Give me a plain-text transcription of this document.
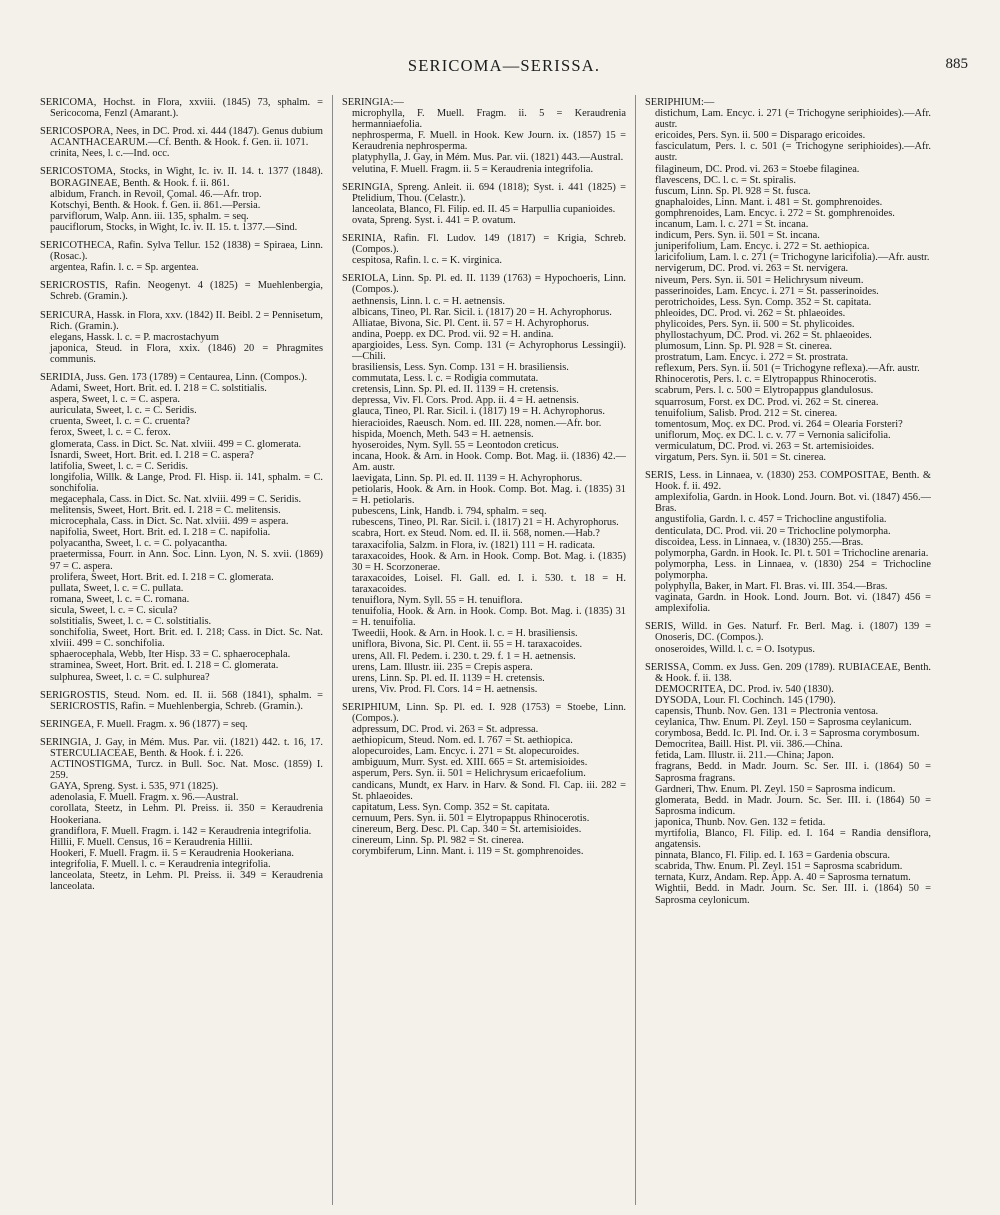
SERICOMA—SERISSA.	885
SERICOMA, Hochst. in Flora, xxviii. (1845) 73, sphalm. = Sericocoma, Fenzl (Amarant.).
SERICOSPORA, Nees, in DC. Prod. xi. 444 (1847). Genus dubium ACANTHACEARUM.—Cf. Benth. & Hook. f. Gen. ii. 1071.
crinita, Nees, l. c.—Ind. occ.
SERICOSTOMA, Stocks, in Wight, Ic. iv. II. 14. t. 1377 (1848). BORAGINEAE, Benth. & Hook. f. ii. 861.
albidum, Franch. in Revoil, Çomal. 46.—Afr. trop.
Kotschyi, Benth. & Hook. f. Gen. ii. 861.—Persia.
parviflorum, Walp. Ann. iii. 135, sphalm. = seq.
pauciflorum, Stocks, in Wight, Ic. iv. II. 15. t. 1377.—Sind.
SERICOTHECA, Rafin. Sylva Tellur. 152 (1838) = Spiraea, Linn. (Rosac.).
argentea, Rafin. l. c. = Sp. argentea.
SERICROSTIS, Rafin. Neogenyt. 4 (1825) = Muehlenbergia, Schreb. (Gramin.).
SERICURA, Hassk. in Flora, xxv. (1842) II. Beibl. 2 = Pennisetum, Rich. (Gramin.).
elegans, Hassk. l. c. = P. macrostachyum
japonica, Steud. in Flora, xxix. (1846) 20 = Phragmites communis.
SERIDIA, Juss. Gen. 173 (1789) = Centaurea, Linn. (Compos.).
Adami, Sweet, Hort. Brit. ed. I. 218 = C. solstitialis.
aspera, Sweet, l. c. = C. aspera.
auriculata, Sweet, l. c. = C. Seridis.
cruenta, Sweet, l. c. = C. cruenta?
ferox, Sweet, l. c. = C. ferox.
glomerata, Cass. in Dict. Sc. Nat. xlviii. 499 = C. glomerata.
Isnardi, Sweet, Hort. Brit. ed. I. 218 = C. aspera?
latifolia, Sweet, l. c. = C. Seridis.
longifolia, Willk. & Lange, Prod. Fl. Hisp. ii. 141, sphalm. = C. sonchifolia.
megacephala, Cass. in Dict. Sc. Nat. xlviii. 499 = C. Seridis.
melitensis, Sweet, Hort. Brit. ed. I. 218 = C. melitensis.
microcephala, Cass. in Dict. Sc. Nat. xlviii. 499 = aspera.
napifolia, Sweet, Hort. Brit. ed. I. 218 = C. napifolia.
polyacantha, Sweet, l. c. = C. polyacantha.
praetermissa, Fourr. in Ann. Soc. Linn. Lyon, N. S. xvii. (1869) 97 = C. aspera.
prolifera, Sweet, Hort. Brit. ed. I. 218 = C. glomerata.
pullata, Sweet, l. c. = C. pullata.
romana, Sweet, l. c. = C. romana.
sicula, Sweet, l. c. = C. sicula?
solstitialis, Sweet, l. c. = C. solstitialis.
sonchifolia, Sweet, Hort. Brit. ed. I. 218; Cass. in Dict. Sc. Nat. xlviii. 499 = C. sonchifolia.
sphaerocephala, Webb, Iter Hisp. 33 = C. sphaerocephala.
straminea, Sweet, Hort. Brit. ed. I. 218 = C. glomerata.
sulphurea, Sweet, l. c. = C. sulphurea?
SERIGROSTIS, Steud. Nom. ed. II. ii. 568 (1841), sphalm. = SERICROSTIS, Rafin. = Muehlenbergia, Schreb. (Gramin.).
SERINGEA, F. Muell. Fragm. x. 96 (1877) = seq.
SERINGIA, J. Gay, in Mém. Mus. Par. vii. (1821) 442. t. 16, 17. STERCULIACEAE, Benth. & Hook. f. i. 226.
ACTINOSTIGMA, Turcz. in Bull. Soc. Nat. Mosc. (1859) I. 259.
GAYA, Spreng. Syst. i. 535, 971 (1825).
adenolasia, F. Muell. Fragm. x. 96.—Austral.
corollata, Steetz, in Lehm. Pl. Preiss. ii. 350 = Keraudrenia Hookeriana.
grandiflora, F. Muell. Fragm. i. 142 = Keraudrenia integrifolia.
Hillii, F. Muell. Census, 16 = Keraudrenia Hillii.
Hookeri, F. Muell. Fragm. ii. 5 = Keraudrenia Hookeriana.
integrifolia, F. Muell. l. c. = Keraudrenia integrifolia.
lanceolata, Steetz, in Lehm. Pl. Preiss. ii. 349 = Keraudrenia lanceolata.
SERINGIA:—
microphylla, F. Muell. Fragm. ii. 5 = Keraudrenia hermanniaefolia.
nephrosperma, F. Muell. in Hook. Kew Journ. ix. (1857) 15 = Keraudrenia nephrosperma.
platyphylla, J. Gay, in Mém. Mus. Par. vii. (1821) 443.—Austral.
velutina, F. Muell. Fragm. ii. 5 = Keraudrenia integrifolia.
SERINGIA, Spreng. Anleit. ii. 694 (1818); Syst. i. 441 (1825) = Ptelidium, Thou. (Celastr.).
lanceolata, Blanco, Fl. Filip. ed. II. 45 = Harpullia cupanioides.
ovata, Spreng. Syst. i. 441 = P. ovatum.
SERINIA, Rafin. Fl. Ludov. 149 (1817) = Krigia, Schreb. (Compos.).
cespitosa, Rafin. l. c. = K. virginica.
SERIOLA, Linn. Sp. Pl. ed. II. 1139 (1763) = Hypochoeris, Linn. (Compos.).
aethnensis, Linn. l. c. = H. aetnensis.
albicans, Tineo, Pl. Rar. Sicil. i. (1817) 20 = H. Achyrophorus.
Alliatae, Bivona, Sic. Pl. Cent. ii. 57 = H. Achyrophorus.
andina, Poepp. ex DC. Prod. vii. 92 = H. andina.
apargioides, Less. Syn. Comp. 131 (= Achyrophorus Lessingii).—Chili.
brasiliensis, Less. Syn. Comp. 131 = H. brasiliensis.
commutata, Less. l. c. = Rodigia commutata.
cretensis, Linn. Sp. Pl. ed. II. 1139 = H. cretensis.
depressa, Viv. Fl. Cors. Prod. App. ii. 4 = H. aetnensis.
glauca, Tineo, Pl. Rar. Sicil. i. (1817) 19 = H. Achyrophorus.
hieracioides, Raeusch. Nom. ed. III. 228, nomen.—Afr. bor.
hispida, Moench, Meth. 543 = H. aetnensis.
hyoseroides, Nym. Syll. 55 = Leontodon creticus.
incana, Hook. & Arn. in Hook. Comp. Bot. Mag. ii. (1836) 42.—Am. austr.
laevigata, Linn. Sp. Pl. ed. II. 1139 = H. Achyrophorus.
petiolaris, Hook. & Arn. in Hook. Comp. Bot. Mag. i. (1835) 31 = H. petiolaris.
pubescens, Link, Handb. i. 794, sphalm. = seq.
rubescens, Tineo, Pl. Rar. Sicil. i. (1817) 21 = H. Achyrophorus.
scabra, Hort. ex Steud. Nom. ed. II. ii. 568, nomen.—Hab.?
taraxacifolia, Salzm. in Flora, iv. (1821) 111 = H. radicata.
taraxacoides, Hook. & Arn. in Hook. Comp. Bot. Mag. i. (1835) 30 = H. Scorzonerae.
taraxacoides, Loisel. Fl. Gall. ed. I. i. 530. t. 18 = H. taraxacoides.
tenuiflora, Nym. Syll. 55 = H. tenuiflora.
tenuifolia, Hook. & Arn. in Hook. Comp. Bot. Mag. i. (1835) 31 = H. tenuifolia.
Tweedii, Hook. & Arn. in Hook. l. c. = H. brasiliensis.
uniflora, Bivona, Sic. Pl. Cent. ii. 55 = H. taraxacoides.
urens, All. Fl. Pedem. i. 230. t. 29. f. 1 = H. aetnensis.
urens, Lam. Illustr. iii. 235 = Crepis aspera.
urens, Linn. Sp. Pl. ed. II. 1139 = H. cretensis.
urens, Viv. Prod. Fl. Cors. 14 = H. aetnensis.
SERIPHIUM, Linn. Sp. Pl. ed. I. 928 (1753) = Stoebe, Linn. (Compos.).
adpressum, DC. Prod. vi. 263 = St. adpressa.
aethiopicum, Steud. Nom. ed. I. 767 = St. aethiopica.
alopecuroides, Lam. Encyc. i. 271 = St. alopecuroides.
ambiguum, Murr. Syst. ed. XIII. 665 = St. artemisioides.
asperum, Pers. Syn. ii. 501 = Helichrysum ericaefolium.
candicans, Mundt, ex Harv. in Harv. & Sond. Fl. Cap. iii. 282 = St. phlaeoides.
capitatum, Less. Syn. Comp. 352 = St. capitata.
cernuum, Pers. Syn. ii. 501 = Elytropappus Rhinocerotis.
cinereum, Berg. Desc. Pl. Cap. 340 = St. artemisioides.
cinereum, Linn. Sp. Pl. 982 = St. cinerea.
corymbiferum, Linn. Mant. i. 119 = St. gomphrenoides.
SERIPHIUM:—
distichum, Lam. Encyc. i. 271 (= Trichogyne seriphioides).—Afr. austr.
ericoides, Pers. Syn. ii. 500 = Disparago ericoides.
fasciculatum, Pers. l. c. 501 (= Trichogyne seriphioides).—Afr. austr.
filagineum, DC. Prod. vi. 263 = Stoebe filaginea.
flavescens, DC. l. c. = St. spiralis.
fuscum, Linn. Sp. Pl. 928 = St. fusca.
gnaphaloides, Linn. Mant. i. 481 = St. gomphrenoides.
gomphrenoides, Lam. Encyc. i. 272 = St. gomphrenoides.
incanum, Lam. l. c. 271 = St. incana.
indicum, Pers. Syn. ii. 501 = St. incana.
juniperifolium, Lam. Encyc. i. 272 = St. aethiopica.
laricifolium, Lam. l. c. 271 (= Trichogyne laricifolia).—Afr. austr.
nervigerum, DC. Prod. vi. 263 = St. nervigera.
niveum, Pers. Syn. ii. 501 = Helichrysum niveum.
passerinoides, Lam. Encyc. i. 271 = St. passerinoides.
perotrichoides, Less. Syn. Comp. 352 = St. capitata.
phleoides, DC. Prod. vi. 262 = St. phlaeoides.
phylicoides, Pers. Syn. ii. 500 = St. phylicoides.
phyllostachyum, DC. Prod. vi. 262 = St. phlaeoides.
plumosum, Linn. Sp. Pl. 928 = St. cinerea.
prostratum, Lam. Encyc. i. 272 = St. prostrata.
reflexum, Pers. Syn. ii. 501 (= Trichogyne reflexa).—Afr. austr.
Rhinocerotis, Pers. l. c. = Elytropappus Rhinocerotis.
scabrum, Pers. l. c. 500 = Elytropappus glandulosus.
squarrosum, Forst. ex DC. Prod. vi. 262 = St. cinerea.
tenuifolium, Salisb. Prod. 212 = St. cinerea.
tomentosum, Moç. ex DC. Prod. vi. 264 = Olearia Forsteri?
uniflorum, Moç. ex DC. l. c. v. 77 = Vernonia salicifolia.
vermiculatum, DC. Prod. vi. 263 = St. artemisioides.
virgatum, Pers. Syn. ii. 501 = St. cinerea.
SERIS, Less. in Linnaea, v. (1830) 253. COMPOSITAE, Benth. & Hook. f. ii. 492.
amplexifolia, Gardn. in Hook. Lond. Journ. Bot. vi. (1847) 456.—Bras.
angustifolia, Gardn. l. c. 457 = Trichocline angustifolia.
denticulata, DC. Prod. vii. 20 = Trichocline polymorpha.
discoidea, Less. in Linnaea, v. (1830) 255.—Bras.
polymorpha, Gardn. in Hook. Ic. Pl. t. 501 = Trichocline arenaria.
polymorpha, Less. in Linnaea, v. (1830) 254 = Trichocline polymorpha.
polyphylla, Baker, in Mart. Fl. Bras. vi. III. 354.—Bras.
vaginata, Gardn. in Hook. Lond. Journ. Bot. vi. (1847) 456 = amplexifolia.
SERIS, Willd. in Ges. Naturf. Fr. Berl. Mag. i. (1807) 139 = Onoseris, DC. (Compos.).
onoseroides, Willd. l. c. = O. Isotypus.
SERISSA, Comm. ex Juss. Gen. 209 (1789). RUBIACEAE, Benth. & Hook. f. ii. 138.
DEMOCRITEA, DC. Prod. iv. 540 (1830).
DYSODA, Lour. Fl. Cochinch. 145 (1790).
capensis, Thunb. Nov. Gen. 131 = Plectronia ventosa.
ceylanica, Thw. Enum. Pl. Zeyl. 150 = Saprosma ceylanicum.
corymbosa, Bedd. Ic. Pl. Ind. Or. i. 3 = Saprosma corymbosum.
Democritea, Baill. Hist. Pl. vii. 386.—China.
fetida, Lam. Illustr. ii. 211.—China; Japon.
fragrans, Bedd. in Madr. Journ. Sc. Ser. III. i. (1864) 50 = Saprosma fragrans.
Gardneri, Thw. Enum. Pl. Zeyl. 150 = Saprosma indicum.
glomerata, Bedd. in Madr. Journ. Sc. Ser. III. i. (1864) 50 = Saprosma indicum.
japonica, Thunb. Nov. Gen. 132 = fetida.
myrtifolia, Blanco, Fl. Filip. ed. I. 164 = Randia densiflora, angatensis.
pinnata, Blanco, Fl. Filip. ed. I. 163 = Gardenia obscura.
scabrida, Thw. Enum. Pl. Zeyl. 151 = Saprosma scabridum.
ternata, Kurz, Andam. Rep. App. A. 40 = Saprosma ternatum.
Wightii, Bedd. in Madr. Journ. Sc. Ser. III. i. (1864) 50 = Saprosma ceylonicum.
